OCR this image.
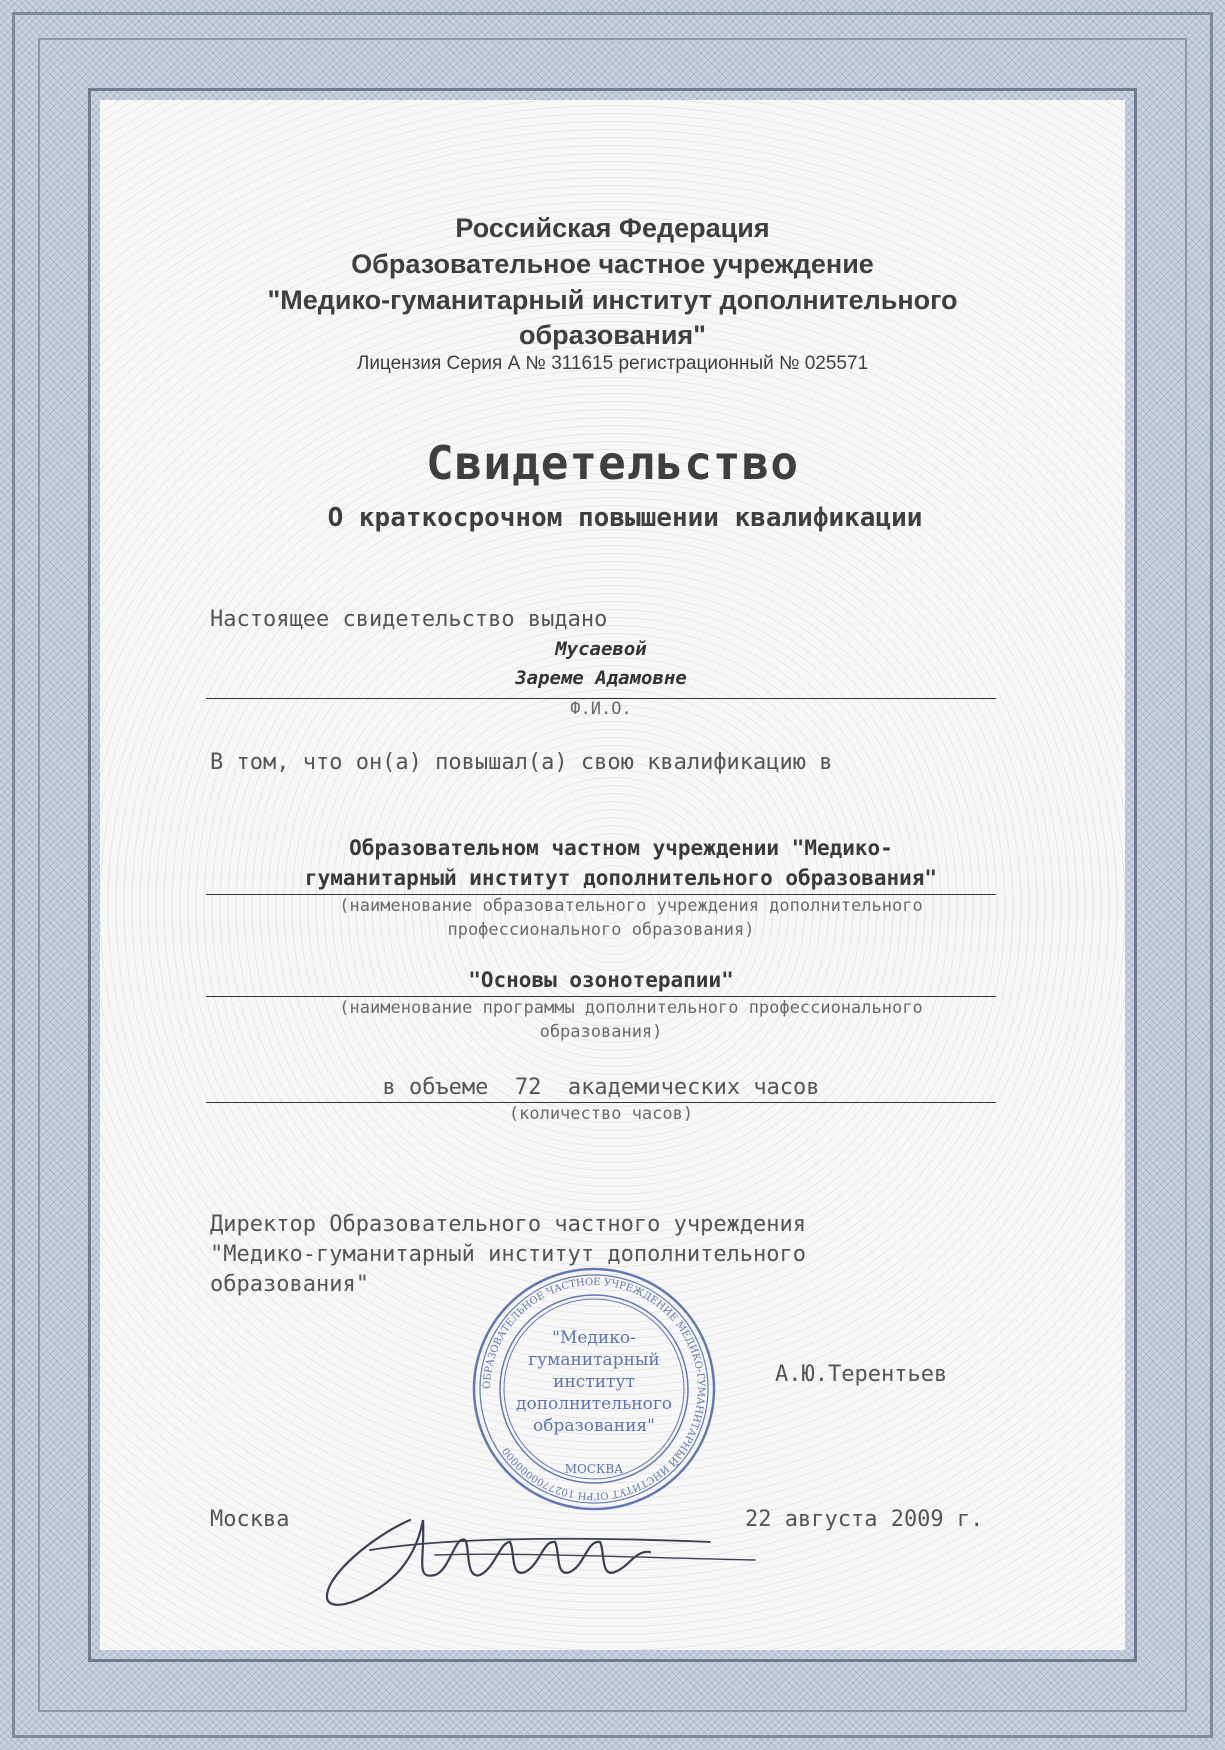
Российская Федерация
Образовательное частное учреждение
"Медико-гуманитарный институт дополнительного
образования"
Лицензия Серия А № 311615 регистрационный № 025571
Свидетельство
О краткосрочном повышении квалификации
Настоящее свидетельство выдано
Мусаевой
Зареме Адамовне
Ф.И.О.
В том, что он(а) повышал(а) свою квалификацию в
Образовательном частном учреждении "Медико-
гуманитарный институт дополнительного образования"
(наименование образовательного учреждения дополнительного
профессионального образования)
"Основы озонотерапии"
(наименование программы дополнительного профессионального
образования)
в объеме  72  академических часов
(количество часов)
Директор Образовательного частного учреждения
"Медико-гуманитарный институт дополнительного
образования"
А.Ю.Терентьев
ОБРАЗОВАТЕЛЬНОЕ ЧАСТНОЕ УЧРЕЖДЕНИЕ МЕДИКО-ГУМАНИТАРНЫЙ ИНСТИТУТ ОГРН 1027700000000
"Медико-
гуманитарный
институт
дополнительного
образования"
МОСКВА
Москва	22 августа 2009 г.
